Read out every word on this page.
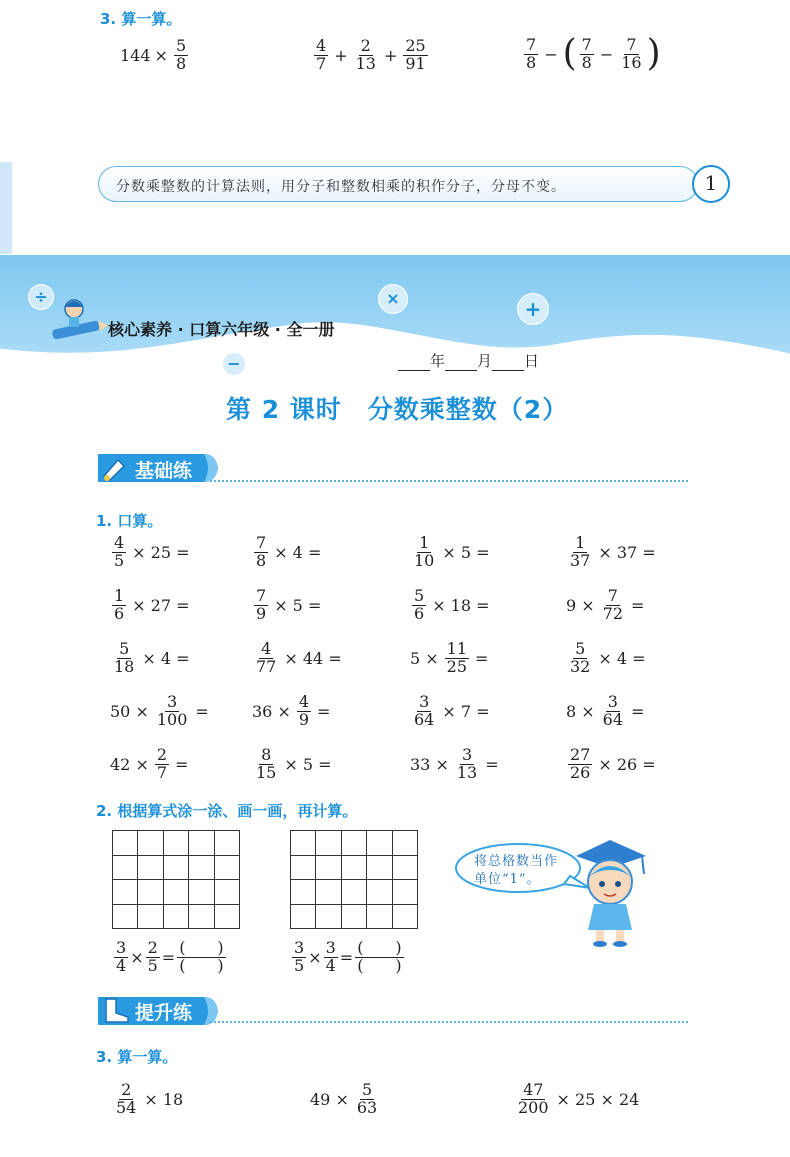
3. 算一算。
$144 \times \frac{5}{8}$	$\frac{4}{7} + \frac{2}{13} + \frac{25}{91}$	$\frac{7}{8}$ − ( $\frac{7}{8} - \frac{7}{16}$ )
分数乘整数的计算法则，用分子和整数相乘的积作分子，分母不变。	1
÷	×	+
−
核心素养 · 口算六年级 · 全一册
年 月 日
第 2 课时　分数乘整数（2）
基础练
1. 口算。
$\frac{4}{5} \times 25$ =	$\frac{7}{8} \times 4$ =	$\frac{1}{10} \times 5$ =	$\frac{1}{37} \times 37$ =
$\frac{1}{6} \times 27$ =	$\frac{7}{9} \times 5$ =	$\frac{5}{6} \times 18$ =	$9 \times \frac{7}{72}$ =
$\frac{5}{18} \times 4$ =	$\frac{4}{77} \times 44$ =	$5 \times \frac{11}{25}$ =	$\frac{5}{32} \times 4$ =
$50 \times \frac{3}{100}$ =	$36 \times \frac{4}{9}$ =	$\frac{3}{64} \times 7$ =	$8 \times \frac{3}{64}$ =
$42 \times \frac{2}{7}$ =	$\frac{8}{15} \times 5$ =	$33 \times \frac{3}{13}$ =	$\frac{27}{26} \times 26$ =
2. 根据算式涂一涂、画一画，再计算。

$\frac{3}{4} \times \frac{2}{5} = \frac{( )}{( )}$	$\frac{3}{5} \times \frac{3}{4} = \frac{( )}{( )}$
将总格数当作
单位“1”。
提升练
3. 算一算。
$\frac{2}{54} \times 18$	$49 \times \frac{5}{63}$	$\frac{47}{200} \times 25 \times 24$
